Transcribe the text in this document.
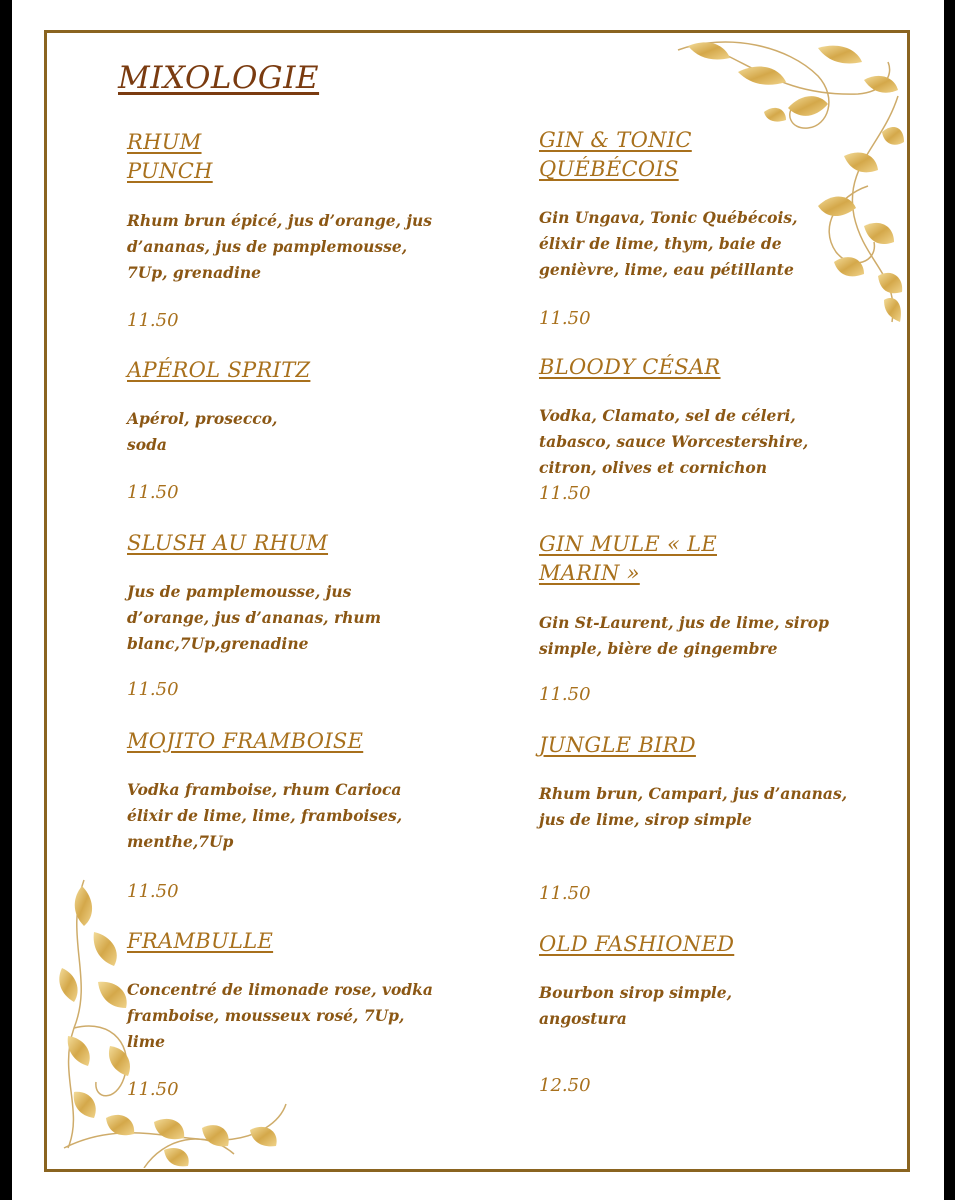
MIXOLOGIE
RHUM
PUNCH
Rhum brun épicé, jus d’orange, jus d’ananas, jus de pamplemousse, 7Up, grenadine
11.50
APÉROL SPRITZ
Apérol, prosecco,
soda
11.50
SLUSH AU RHUM
Jus de pamplemousse, jus d’orange, jus d’ananas, rhum blanc,7Up,grenadine
11.50
MOJITO FRAMBOISE
Vodka framboise, rhum Carioca élixir de lime, lime, framboises, menthe,7Up
11.50
FRAMBULLE
Concentré de limonade rose, vodka framboise, mousseux rosé, 7Up, lime
11.50
GIN & TONIC
QUÉBÉCOIS
Gin Ungava, Tonic Québécois, élixir de lime, thym, baie de genièvre, lime, eau pétillante
11.50
BLOODY CÉSAR
Vodka, Clamato, sel de céleri, tabasco, sauce Worcestershire, citron, olives et cornichon
11.50
GIN MULE « LE
MARIN »
Gin St-Laurent, jus de lime, sirop simple, bière de gingembre
11.50
JUNGLE BIRD
Rhum brun, Campari, jus d’ananas, jus de lime, sirop simple
11.50
OLD FASHIONED
Bourbon sirop simple,
angostura
12.50
